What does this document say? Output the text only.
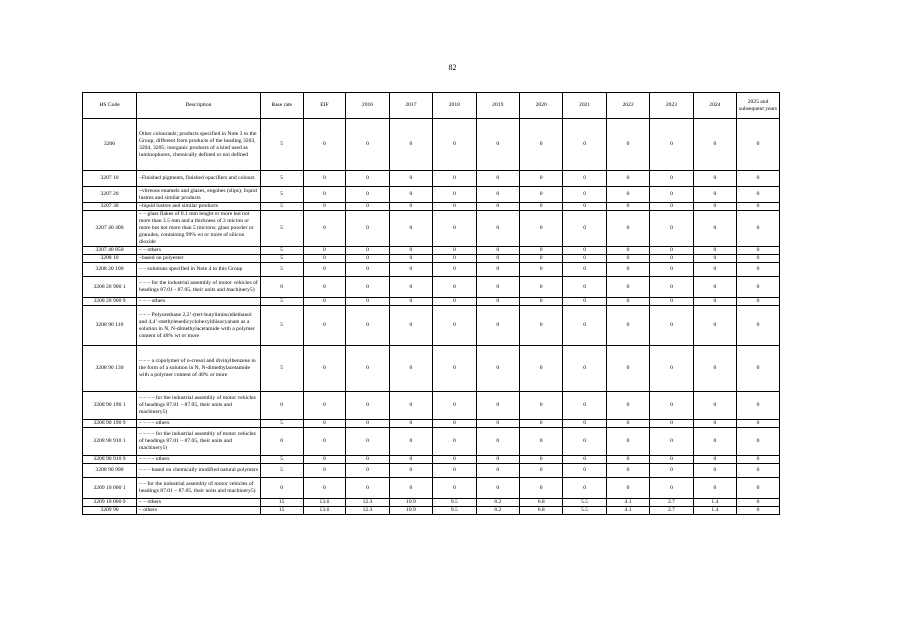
82
HS Code	Description	Base rate	EIF	2016	2017	2018	2019	2020	2021	2022	2023	2024	2025 and subsequent years
3206	Other colouranls; products specified in Note 3 to the Group, different from products of the heading 3203, 3204, 3205; inorganic products of a kind used as luminophores, chemically defined or not defined	5	0	0	0	0	0	0	0	0	0	0	0
3207 10	–Finished pigments, finished opacifiers and colours	5	0	0	0	0	0	0	0	0	0	0	0
3207 20	–vitreous enamels and glazes, engobes (slips), liquid lustres and similar products	5	0	0	0	0	0	0	0	0	0	0	0
3207 30	–liquid lustres and similar products	5	0	0	0	0	0	0	0	0	0	0	0
3207 40 400	– – glass flakes of 0.1 mm lenght or more but not more than 3.5 mm and a thickness of 2 micron or more but not more than 5 microns; glass powder or granules, containing 99% wt or more of silicon dioxide	5	0	0	0	0	0	0	0	0	0	0	0
3207 40 850	– – others	5	0	0	0	0	0	0	0	0	0	0	0
3208 10	–based on polyester	5	0	0	0	0	0	0	0	0	0	0	0
3208 20 100	– – solutions specified in Note 4 to this Group	5	0	0	0	0	0	0	0	0	0	0	0
3208 20 900 1	– – – for the industrial assembly of motor vehicles of headings 87.01 - 87.05, their units and machinery5)	0	0	0	0	0	0	0	0	0	0	0	0
3208 20 900 9	– – – others	5	0	0	0	0	0	0	0	0	0	0	0
3208 90 110	– – – Polyurethane 2,2’-(tert-butylimino)diethanol and 4,4’-methylenedicyclohexyldiisocyanate as a solution in N, N-dimethylacetamide with a polymer content of 48% wt or more	5	0	0	0	0	0	0	0	0	0	0	0
3208 90 130	– – – a copolymer of n-cresol and divinylbenzene in the form of a solution in N, N-dimethylacetamide with a polymer content of 48% or more	5	0	0	0	0	0	0	0	0	0	0	0
3208 90 190 1	– – – – for the industrial assembly of motor vehicles of headings 87.01 – 87.05, their units and machinery5)	0	0	0	0	0	0	0	0	0	0	0	0
3208 90 190 9	– – – – others	5	0	0	0	0	0	0	0	0	0	0	0
3208 90 910 1	– – – – for the industrial assembly of motor vehicles of headings 87.01 – 87.05, their units and machinery5)	0	0	0	0	0	0	0	0	0	0	0	0
3208 90 910 9	– – – – others	5	0	0	0	0	0	0	0	0	0	0	0
3208 90 990	– – – based on chemically modified natural polymers	5	0	0	0	0	0	0	0	0	0	0	0
3209 10 000 1	– – for the industrial assembly of motor vehicles of headings 87.01 – 87.05, their units and machinery5)	0	0	0	0	0	0	0	0	0	0	0	0
3209 10 000 9	– – others	15	13.6	12.3	10.9	9.5	8.2	6.8	5.5	4.1	2.7	1.4	0
3209 90	– others	15	13.6	12.3	10.9	9.5	8.2	6.8	5.5	4.1	2.7	1.4	0
